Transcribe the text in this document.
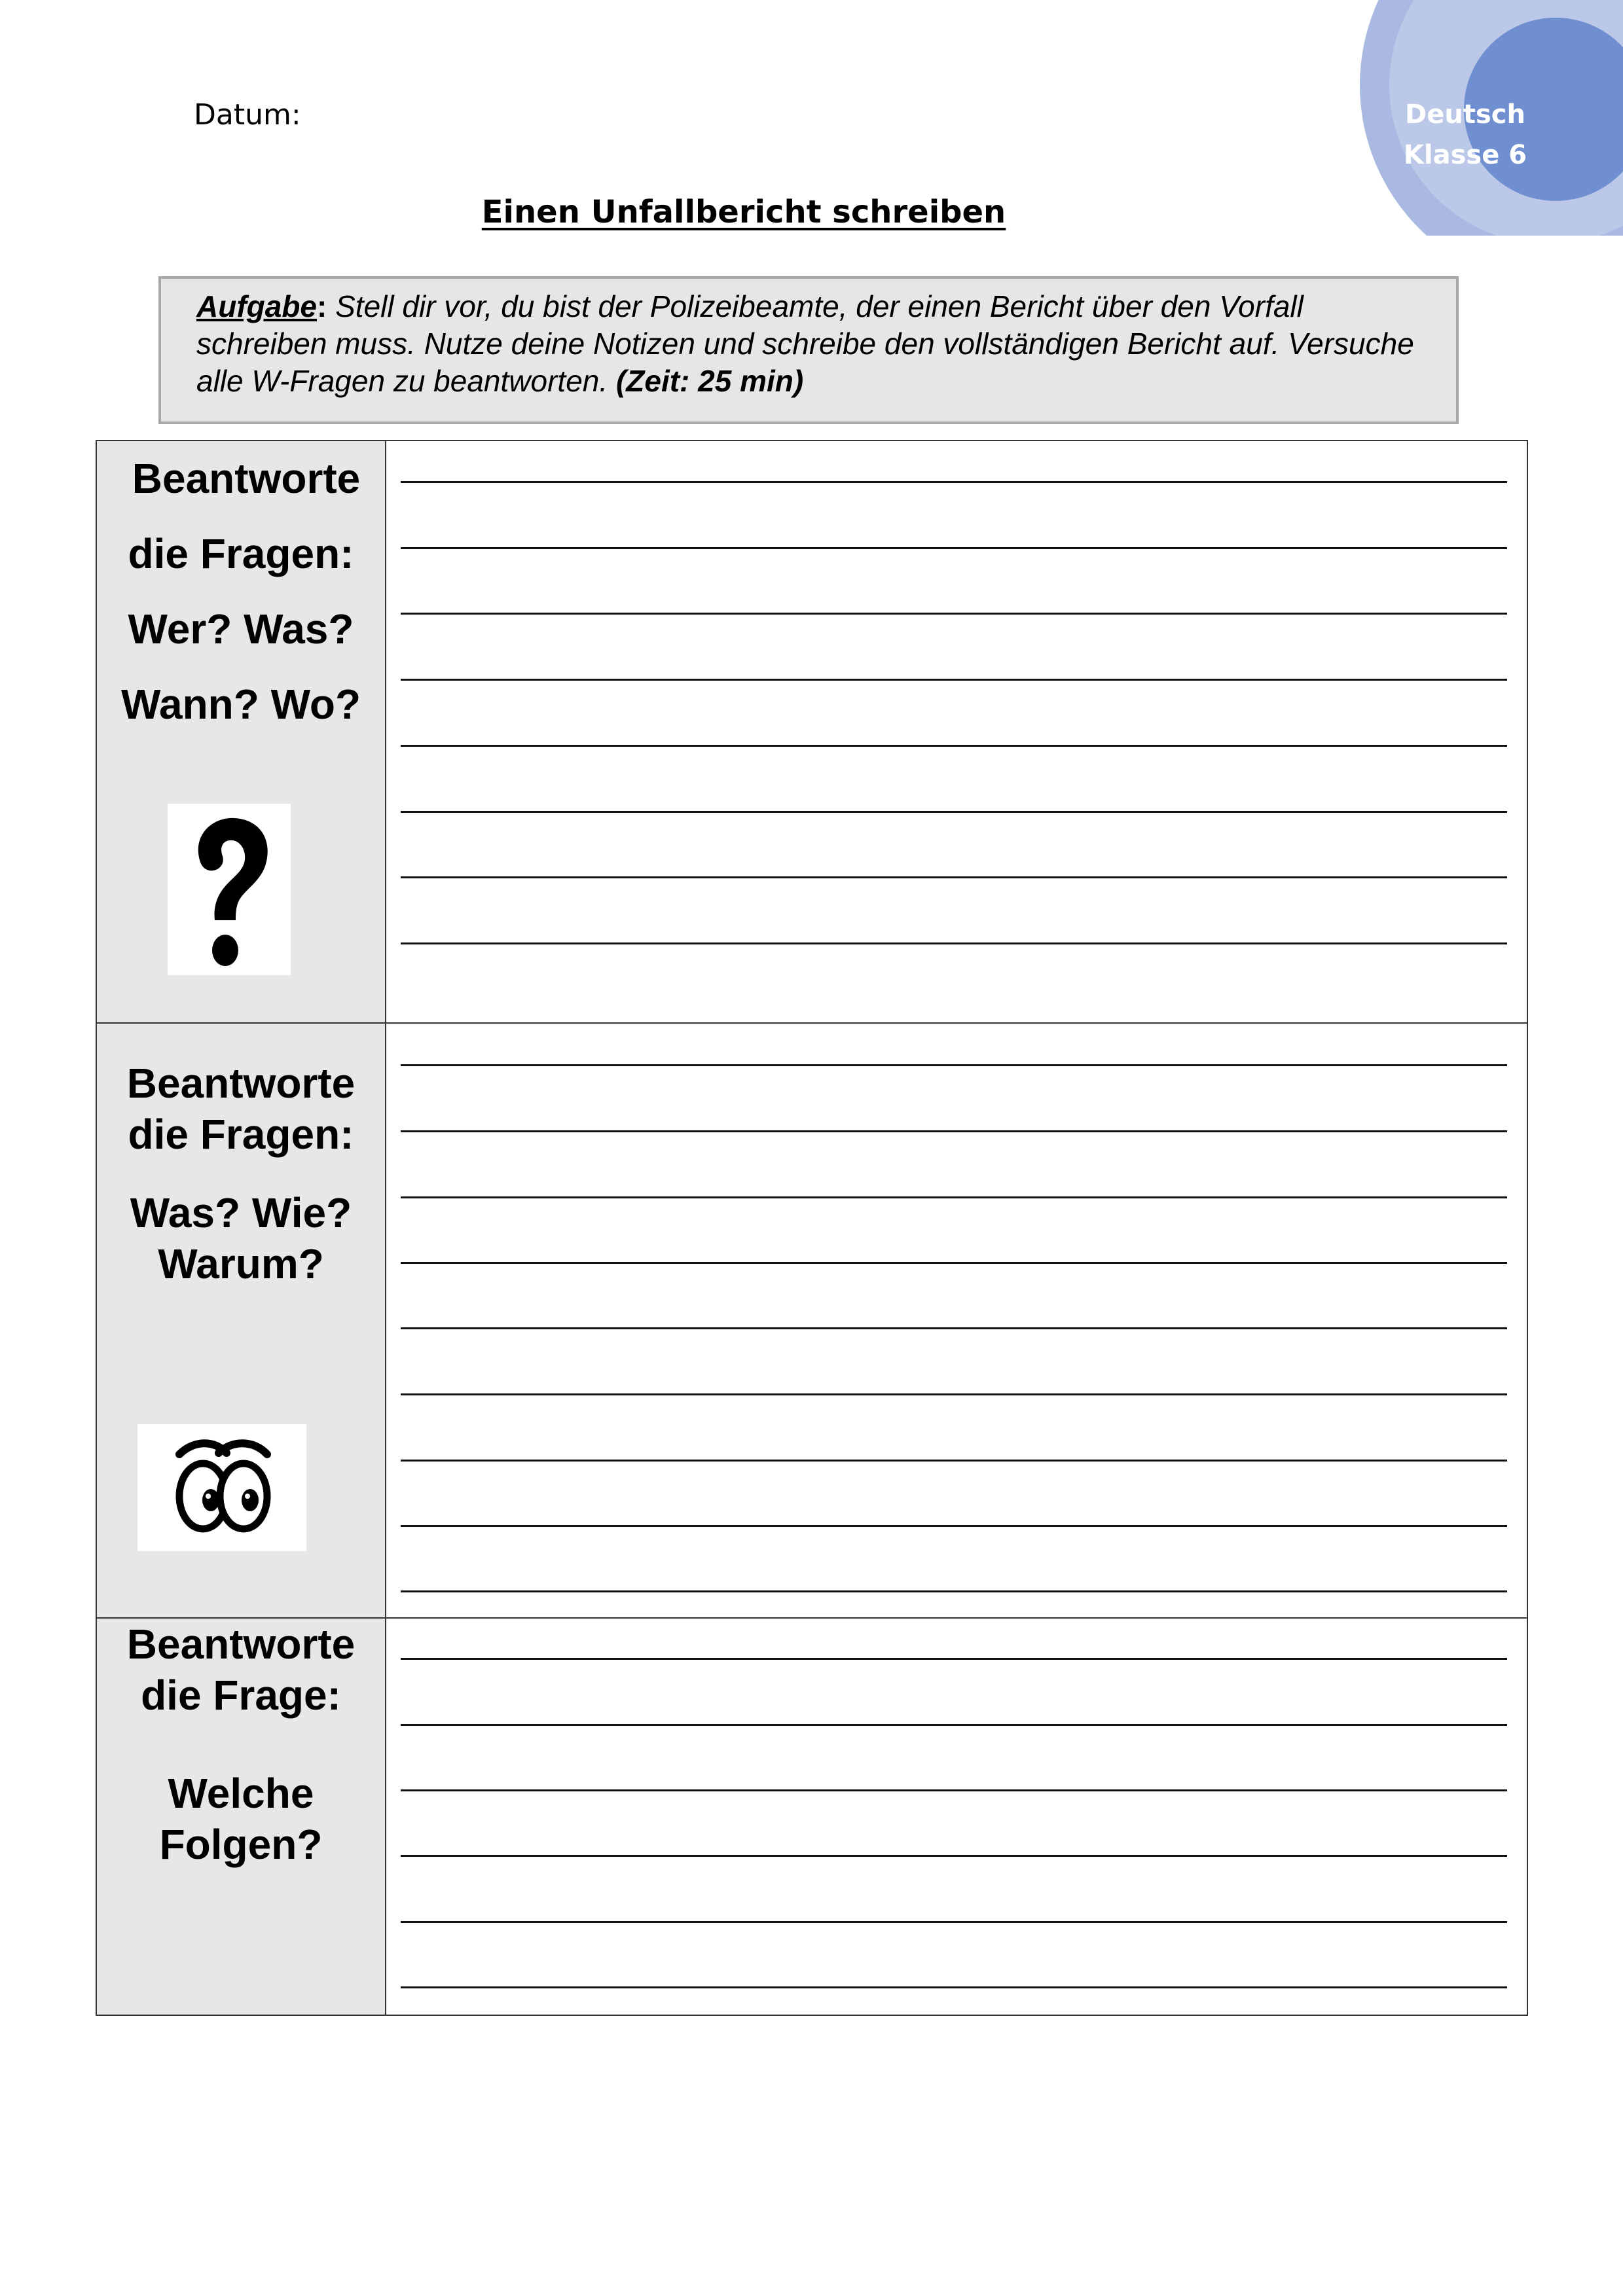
Datum:	Deutsch
Klasse 6
Einen Unfallbericht schreiben
Aufgabe: Stell dir vor, du bist der Polizeibeamte, der einen Bericht über den Vorfall schreiben muss. Nutze deine Notizen und schreibe den vollständigen Bericht auf. Versuche alle W-Fragen zu beantworten. (Zeit: 25 min)
Beantworte
die Fragen:
Wer? Was?
Wann? Wo?	

Beantworte
die Fragen:
Was? Wie?
Warum?	

Beantworte
die Frage:
Welche
Folgen?	
